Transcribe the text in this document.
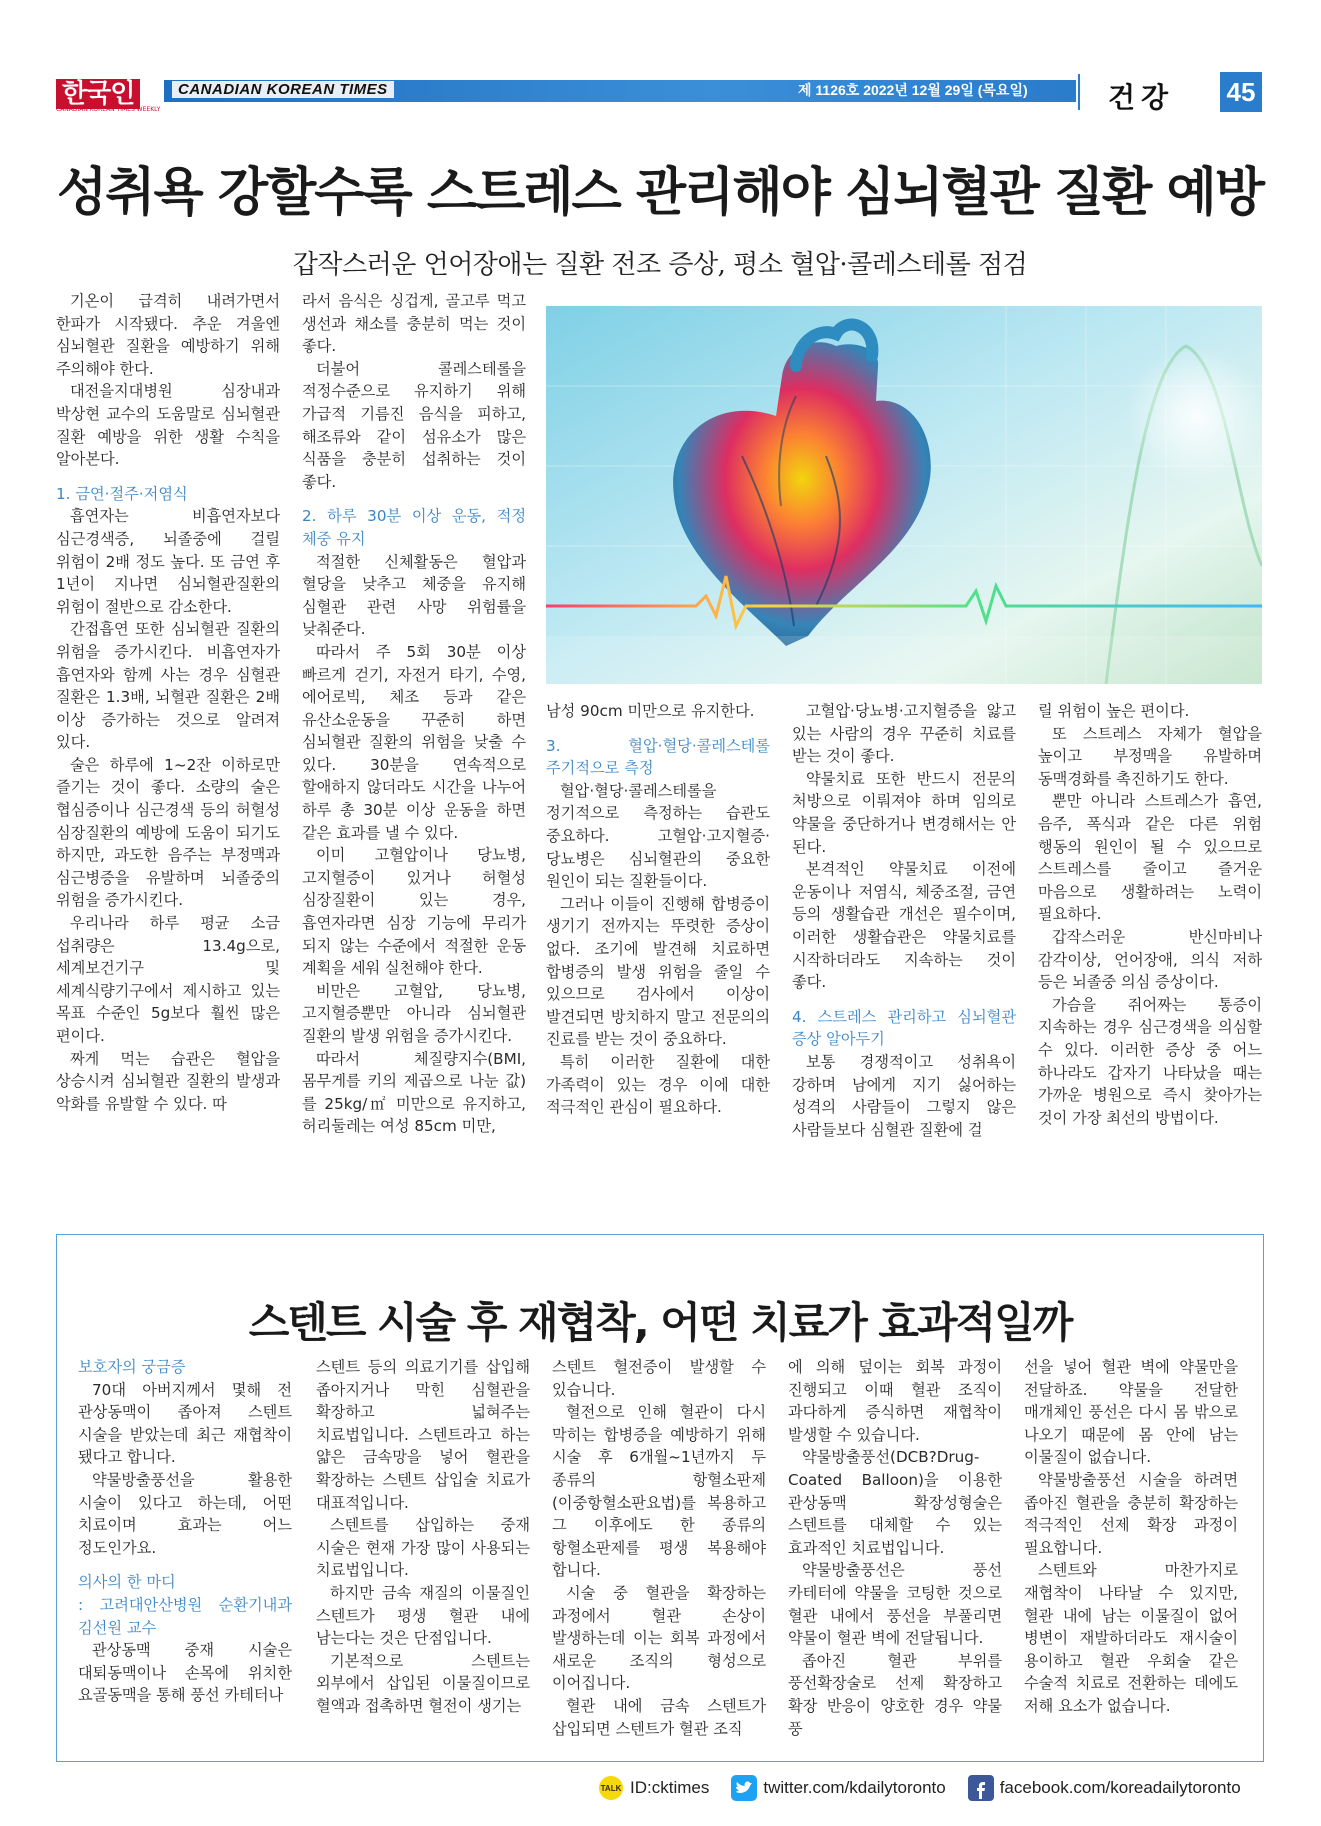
한국인
CANADIAN KOREAN TIMES WEEKLY
CANADIAN KOREAN TIMES	제 1126호 2022년 12월 29일 (목요일)	건강 45
성취욕 강할수록 스트레스 관리해야 심뇌혈관 질환 예방
갑작스러운 언어장애는 질환 전조 증상, 평소 혈압·콜레스테롤 점검

기온이 급격히 내려가면서 한파가 시작됐다. 추운 겨울엔 심뇌혈관 질환을 예방하기 위해 주의해야 한다.

대전을지대병원 심장내과 박상현 교수의 도움말로 심뇌혈관 질환 예방을 위한 생활 수칙을 알아본다.

1. 금연·절주·저염식

흡연자는 비흡연자보다 심근경색증, 뇌졸중에 걸릴 위험이 2배 정도 높다. 또 금연 후 1년이 지나면 심뇌혈관질환의 위험이 절반으로 감소한다.

간접흡연 또한 심뇌혈관 질환의 위험을 증가시킨다. 비흡연자가 흡연자와 함께 사는 경우 심혈관 질환은 1.3배, 뇌혈관 질환은 2배 이상 증가하는 것으로 알려져 있다.

술은 하루에 1~2잔 이하로만 즐기는 것이 좋다. 소량의 술은 협심증이나 심근경색 등의 허혈성 심장질환의 예방에 도움이 되기도 하지만, 과도한 음주는 부정맥과 심근병증을 유발하며 뇌졸중의 위험을 증가시킨다.

우리나라 하루 평균 소금 섭취량은 13.4g으로, 세계보건기구 및 세계식량기구에서 제시하고 있는 목표 수준인 5g보다 훨씬 많은 편이다.

짜게 먹는 습관은 혈압을 상승시켜 심뇌혈관 질환의 발생과 악화를 유발할 수 있다. 따

라서 음식은 싱겁게, 골고루 먹고 생선과 채소를 충분히 먹는 것이 좋다.

더불어 콜레스테롤을 적정수준으로 유지하기 위해 가급적 기름진 음식을 피하고, 해조류와 같이 섬유소가 많은 식품을 충분히 섭취하는 것이 좋다.

2. 하루 30분 이상 운동, 적정 체중 유지

적절한 신체활동은 혈압과 혈당을 낮추고 체중을 유지해 심혈관 관련 사망 위험률을 낮춰준다.

따라서 주 5회 30분 이상 빠르게 걷기, 자전거 타기, 수영, 에어로빅, 체조 등과 같은 유산소운동을 꾸준히 하면 심뇌혈관 질환의 위험을 낮출 수 있다. 30분을 연속적으로 할애하지 않더라도 시간을 나누어 하루 총 30분 이상 운동을 하면 같은 효과를 낼 수 있다.

이미 고혈압이나 당뇨병, 고지혈증이 있거나 허혈성 심장질환이 있는 경우, 흡연자라면 심장 기능에 무리가 되지 않는 수준에서 적절한 운동 계획을 세워 실천해야 한다.

비만은 고혈압, 당뇨병, 고지혈증뿐만 아니라 심뇌혈관 질환의 발생 위험을 증가시킨다.

따라서 체질량지수(BMI, 몸무게를 키의 제곱으로 나눈 값)를 25kg/㎡ 미만으로 유지하고, 허리둘레는 여성 85cm 미만,

남성 90cm 미만으로 유지한다.

3. 혈압·혈당·콜레스테롤 주기적으로 측정

혈압·혈당·콜레스테롤을 정기적으로 측정하는 습관도 중요하다. 고혈압·고지혈증·당뇨병은 심뇌혈관의 중요한 원인이 되는 질환들이다.

그러나 이들이 진행해 합병증이 생기기 전까지는 뚜렷한 증상이 없다. 조기에 발견해 치료하면 합병증의 발생 위험을 줄일 수 있으므로 검사에서 이상이 발견되면 방치하지 말고 전문의의 진료를 받는 것이 중요하다.

특히 이러한 질환에 대한 가족력이 있는 경우 이에 대한 적극적인 관심이 필요하다.

고혈압·당뇨병·고지혈증을 앓고 있는 사람의 경우 꾸준히 치료를 받는 것이 좋다.

약물치료 또한 반드시 전문의 처방으로 이뤄져야 하며 임의로 약물을 중단하거나 변경해서는 안 된다.

본격적인 약물치료 이전에 운동이나 저염식, 체중조절, 금연 등의 생활습관 개선은 필수이며, 이러한 생활습관은 약물치료를 시작하더라도 지속하는 것이 좋다.

4. 스트레스 관리하고 심뇌혈관 증상 알아두기

보통 경쟁적이고 성취욕이 강하며 남에게 지기 싫어하는 성격의 사람들이 그렇지 않은 사람들보다 심혈관 질환에 걸

릴 위험이 높은 편이다.

또 스트레스 자체가 혈압을 높이고 부정맥을 유발하며 동맥경화를 촉진하기도 한다.

뿐만 아니라 스트레스가 흡연, 음주, 폭식과 같은 다른 위험 행동의 원인이 될 수 있으므로 스트레스를 줄이고 즐거운 마음으로 생활하려는 노력이 필요하다.

갑작스러운 반신마비나 감각이상, 언어장애, 의식 저하 등은 뇌졸중 의심 증상이다.

가슴을 쥐어짜는 통증이 지속하는 경우 심근경색을 의심할 수 있다. 이러한 증상 중 어느 하나라도 갑자기 나타났을 때는 가까운 병원으로 즉시 찾아가는 것이 가장 최선의 방법이다.

스텐트 시술 후 재협착, 어떤 치료가 효과적일까

보호자의 궁금증

70대 아버지께서 몇해 전 관상동맥이 좁아져 스텐트 시술을 받았는데 최근 재협착이 됐다고 합니다.

약물방출풍선을 활용한 시술이 있다고 하는데, 어떤 치료이며 효과는 어느 정도인가요.

의사의 한 마디

: 고려대안산병원 순환기내과 김선원 교수

관상동맥 중재 시술은 대퇴동맥이나 손목에 위치한 요골동맥을 통해 풍선 카테터나

스텐트 등의 의료기기를 삽입해 좁아지거나 막힌 심혈관을 확장하고 넓혀주는 치료법입니다. 스텐트라고 하는 얇은 금속망을 넣어 혈관을 확장하는 스텐트 삽입술 치료가 대표적입니다.

스텐트를 삽입하는 중재 시술은 현재 가장 많이 사용되는 치료법입니다.

하지만 금속 재질의 이물질인 스텐트가 평생 혈관 내에 남는다는 것은 단점입니다.

기본적으로 스텐트는 외부에서 삽입된 이물질이므로 혈액과 접촉하면 혈전이 생기는

스텐트 혈전증이 발생할 수 있습니다.

혈전으로 인해 혈관이 다시 막히는 합병증을 예방하기 위해 시술 후 6개월~1년까지 두 종류의 항혈소판제(이중항혈소판요법)를 복용하고 그 이후에도 한 종류의 항혈소판제를 평생 복용해야 합니다.

시술 중 혈관을 확장하는 과정에서 혈관 손상이 발생하는데 이는 회복 과정에서 새로운 조직의 형성으로 이어집니다.

혈관 내에 금속 스텐트가 삽입되면 스텐트가 혈관 조직

에 의해 덮이는 회복 과정이 진행되고 이때 혈관 조직이 과다하게 증식하면 재협착이 발생할 수 있습니다.

약물방출풍선(DCB?Drug-Coated Balloon)을 이용한 관상동맥 확장성형술은 스텐트를 대체할 수 있는 효과적인 치료법입니다.

약물방출풍선은 풍선 카테터에 약물을 코팅한 것으로 혈관 내에서 풍선을 부풀리면 약물이 혈관 벽에 전달됩니다.

좁아진 혈관 부위를 풍선확장술로 선제 확장하고 확장 반응이 양호한 경우 약물 풍

선을 넣어 혈관 벽에 약물만을 전달하죠. 약물을 전달한 매개체인 풍선은 다시 몸 밖으로 나오기 때문에 몸 안에 남는 이물질이 없습니다.

약물방출풍선 시술을 하려면 좁아진 혈관을 충분히 확장하는 적극적인 선제 확장 과정이 필요합니다.

스텐트와 마찬가지로 재협착이 나타날 수 있지만, 혈관 내에 남는 이물질이 없어 병변이 재발하더라도 재시술이 용이하고 혈관 우회술 같은 수술적 치료로 전환하는 데에도 저해 요소가 없습니다.

TALK ID:cktimes	twitter.com/kdailytoronto	facebook.com/koreadailytoronto
